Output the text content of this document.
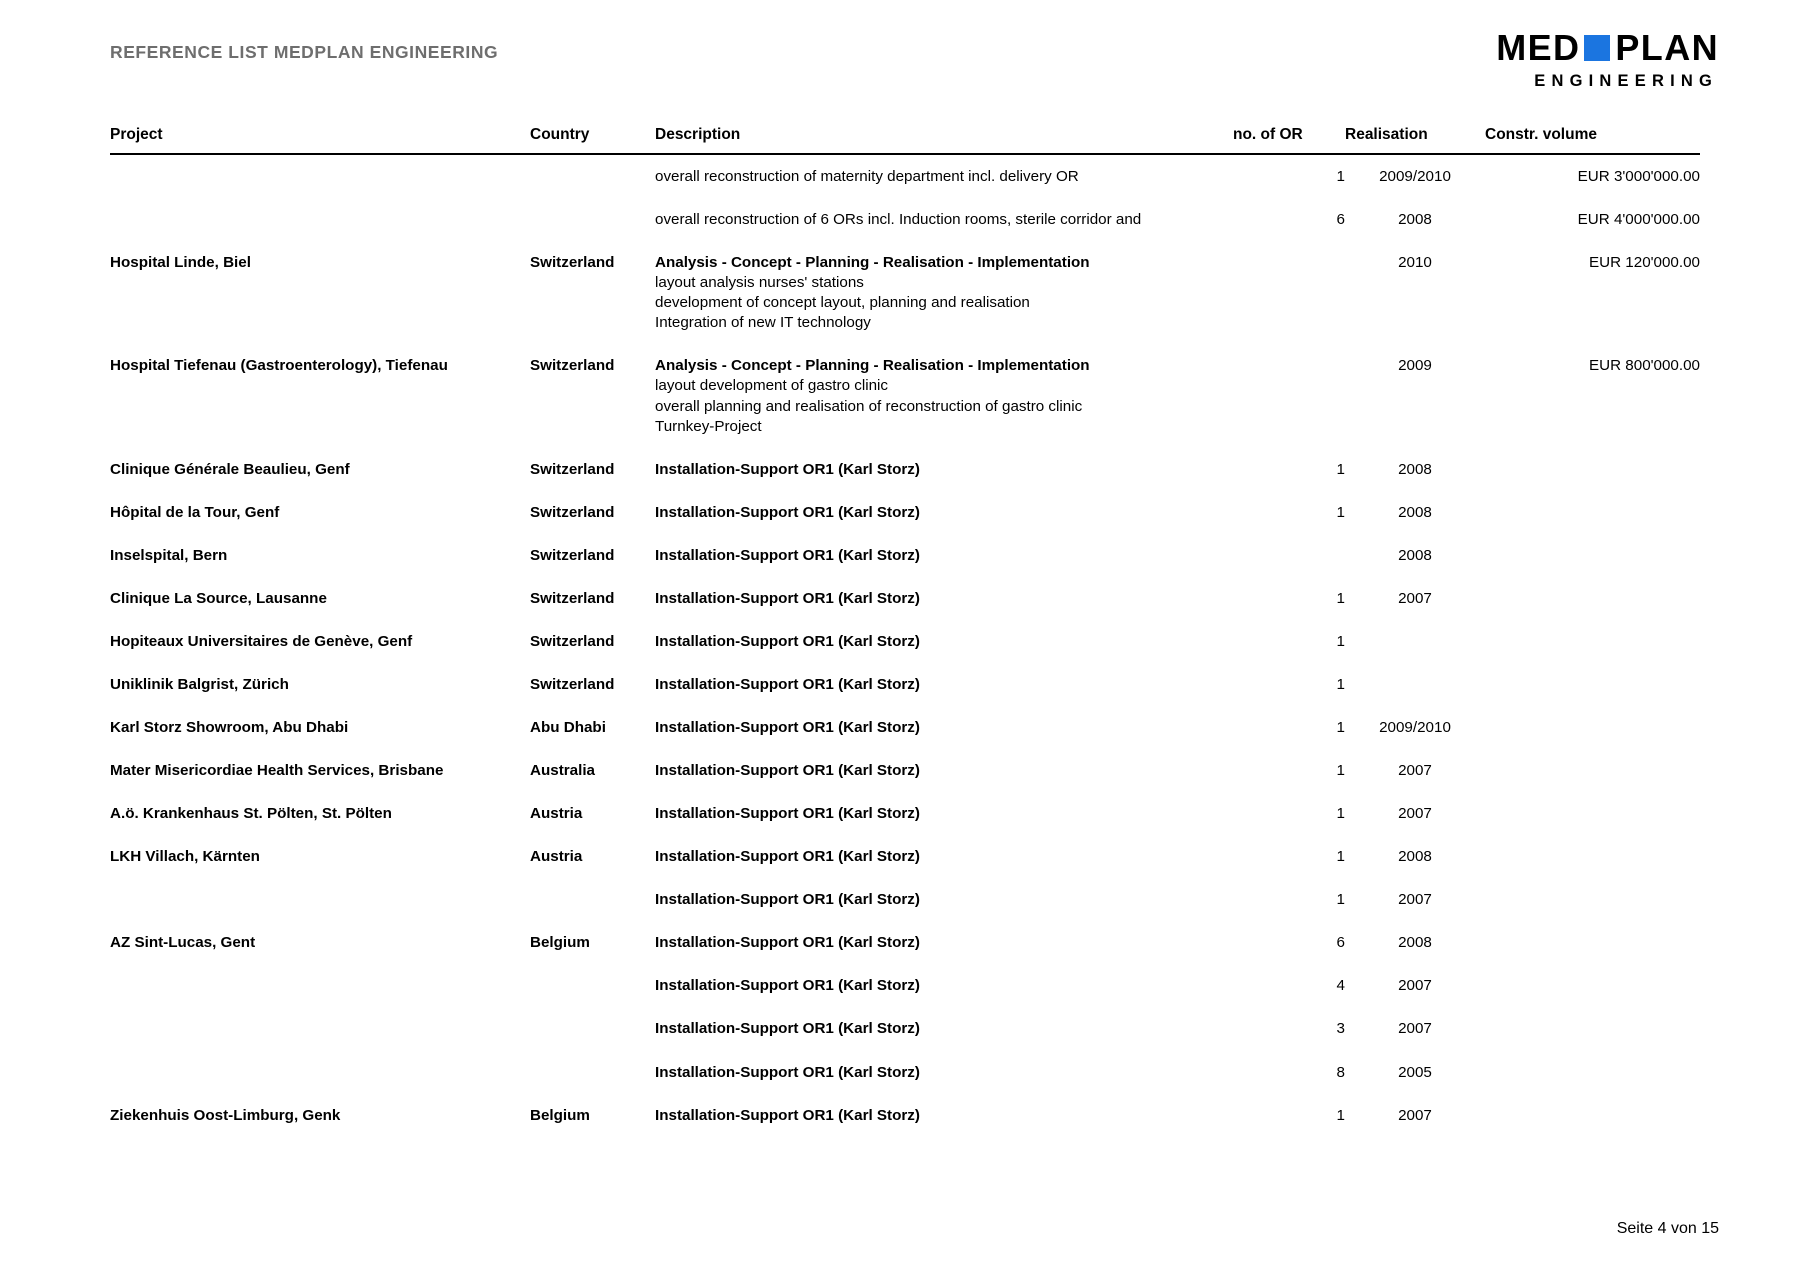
REFERENCE LIST MEDPLAN ENGINEERING	MED PLAN
ENGINEERING
Project	Country	Description	no. of OR	Realisation	Constr. volume

		overall reconstruction of maternity department incl. delivery OR	1	2009/2010	EUR 3'000'000.00

		overall reconstruction of 6 ORs incl. Induction rooms, sterile corridor and	6	2008	EUR 4'000'000.00
Hospital Linde, Biel	Switzerland	Analysis - Concept - Planning - Realisation - Implementation
layout analysis nurses' stations
development of concept layout, planning and realisation
Integration of new IT technology		2010	EUR 120'000.00
Hospital Tiefenau (Gastroenterology), Tiefenau	Switzerland	Analysis - Concept - Planning - Realisation - Implementation
layout development of gastro clinic
overall planning and realisation of reconstruction of gastro clinic
Turnkey-Project		2009	EUR 800'000.00
Clinique Générale Beaulieu, Genf	Switzerland	Installation-Support OR1 (Karl Storz)	1	2008	
Hôpital de la Tour, Genf	Switzerland	Installation-Support OR1 (Karl Storz)	1	2008	
Inselspital, Bern	Switzerland	Installation-Support OR1 (Karl Storz)		2008	
Clinique La Source, Lausanne	Switzerland	Installation-Support OR1 (Karl Storz)	1	2007	
Hopiteaux Universitaires de Genève, Genf	Switzerland	Installation-Support OR1 (Karl Storz)	1		
Uniklinik Balgrist, Zürich	Switzerland	Installation-Support OR1 (Karl Storz)	1		
Karl Storz Showroom, Abu Dhabi	Abu Dhabi	Installation-Support OR1 (Karl Storz)	1	2009/2010	
Mater Misericordiae Health Services, Brisbane	Australia	Installation-Support OR1 (Karl Storz)	1	2007	
A.ö. Krankenhaus St. Pölten, St. Pölten	Austria	Installation-Support OR1 (Karl Storz)	1	2007	
LKH Villach, Kärnten	Austria	Installation-Support OR1 (Karl Storz)	1	2008	

		Installation-Support OR1 (Karl Storz)	1	2007	
AZ Sint-Lucas, Gent	Belgium	Installation-Support OR1 (Karl Storz)	6	2008	

		Installation-Support OR1 (Karl Storz)	4	2007	

		Installation-Support OR1 (Karl Storz)	3	2007	

		Installation-Support OR1 (Karl Storz)	8	2005	
Ziekenhuis Oost-Limburg, Genk	Belgium	Installation-Support OR1 (Karl Storz)	1	2007	
Seite 4 von 15
